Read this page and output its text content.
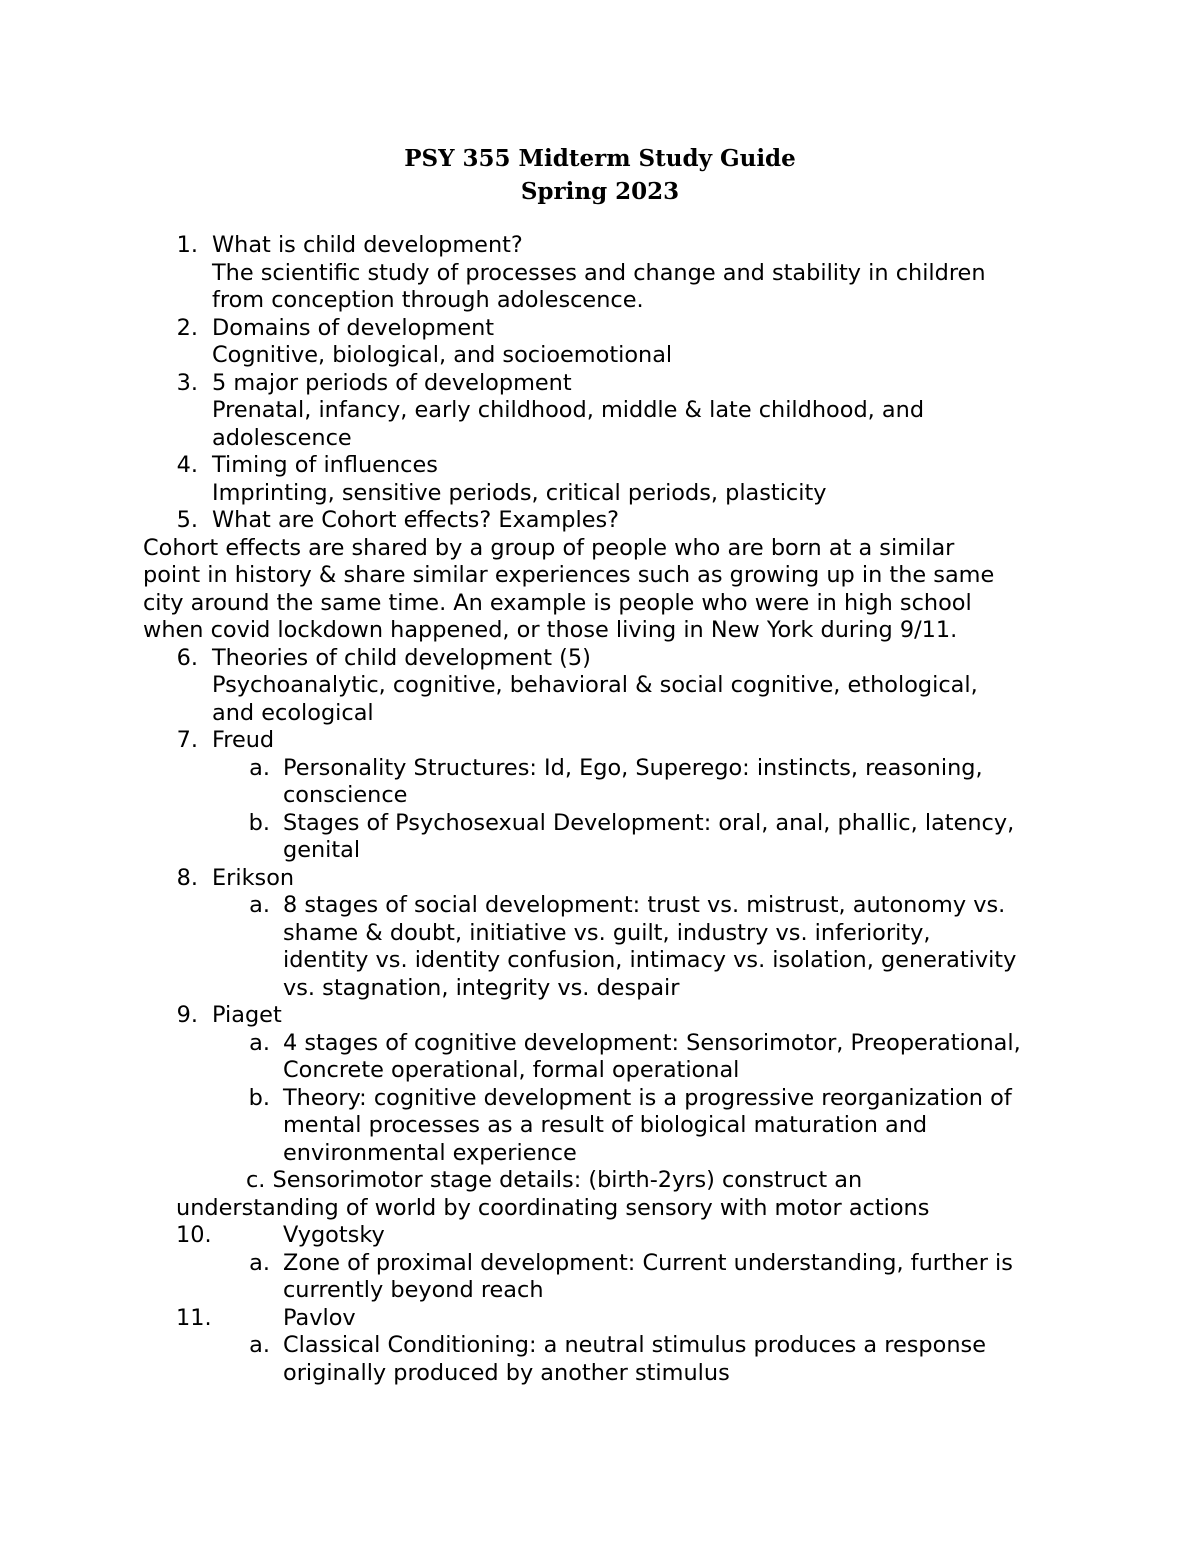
PSY 355 Midterm Study Guide
Spring 2023
1. What is child development?
The scientific study of processes and change and stability in children
from conception through adolescence.
2. Domains of development
Cognitive, biological, and socioemotional
3. 5 major periods of development
Prenatal, infancy, early childhood, middle & late childhood, and
adolescence
4. Timing of influences
Imprinting, sensitive periods, critical periods, plasticity
5. What are Cohort effects? Examples?
Cohort effects are shared by a group of people who are born at a similar
point in history & share similar experiences such as growing up in the same
city around the same time. An example is people who were in high school
when covid lockdown happened, or those living in New York during 9/11.
6. Theories of child development (5)
Psychoanalytic, cognitive, behavioral & social cognitive, ethological,
and ecological
7. Freud
a. Personality Structures: Id, Ego, Superego: instincts, reasoning,
conscience
b. Stages of Psychosexual Development: oral, anal, phallic, latency,
genital
8. Erikson
a. 8 stages of social development: trust vs. mistrust, autonomy vs.
shame & doubt, initiative vs. guilt, industry vs. inferiority,
identity vs. identity confusion, intimacy vs. isolation, generativity
vs. stagnation, integrity vs. despair
9. Piaget
a. 4 stages of cognitive development: Sensorimotor, Preoperational,
Concrete operational, formal operational
b. Theory: cognitive development is a progressive reorganization of
mental processes as a result of biological maturation and
environmental experience
c. Sensorimotor stage details: (birth-2yrs) construct an
understanding of world by coordinating sensory with motor actions
10.	Vygotsky
a. Zone of proximal development: Current understanding, further is
currently beyond reach
11.	Pavlov
a. Classical Conditioning: a neutral stimulus produces a response
originally produced by another stimulus
